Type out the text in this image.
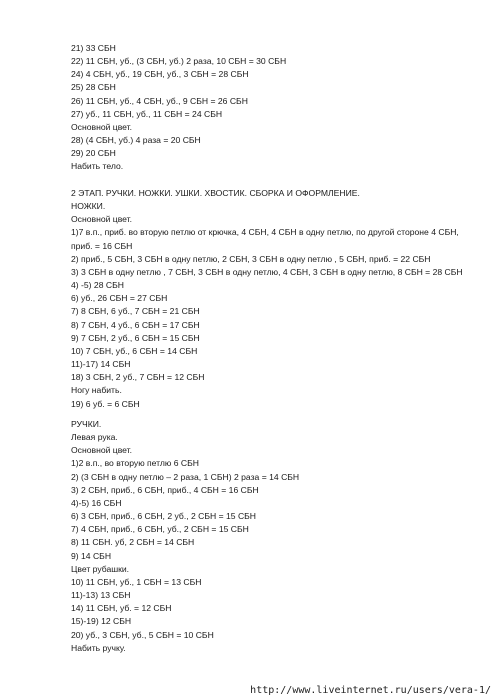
21) 33 СБН
22) 11 СБН, уб., (3 СБН, уб.) 2 раза, 10 СБН = 30 СБН
24) 4 СБН, уб., 19 СБН, уб., 3 СБН = 28 СБН
25) 28 СБН
26) 11 СБН, уб., 4 СБН, уб., 9 СБН = 26 СБН
27) уб., 11 СБН, уб., 11 СБН = 24 СБН
Основной цвет.
28) (4 СБН, уб.) 4 раза = 20 СБН
29) 20 СБН
Набить тело.
2 ЭТАП. РУЧКИ. НОЖКИ. УШКИ. ХВОСТИК. СБОРКА И ОФОРМЛЕНИЕ.
НОЖКИ.
Основной цвет.
1)7 в.п., приб. во вторую петлю от крючка, 4 СБН, 4 СБН в одну петлю, по другой стороне 4 СБН,
приб. = 16 СБН
2) приб., 5 СБН, 3 СБН в одну петлю, 2 СБН, 3 СБН в одну петлю , 5 СБН, приб. = 22 СБН
3) 3 СБН в одну петлю , 7 СБН, 3 СБН в одну петлю, 4 СБН, 3 СБН в одну петлю, 8 СБН = 28 СБН
4) -5) 28 СБН
6) уб., 26 СБН = 27 СБН
7) 8 СБН, 6 уб., 7 СБН = 21 СБН
8) 7 СБН, 4 уб., 6 СБН = 17 СБН
9) 7 СБН, 2 уб., 6 СБН = 15 СБН
10) 7 СБН, уб., 6 СБН = 14 СБН
11)-17) 14 СБН
18) 3 СБН, 2 уб., 7 СБН = 12 СБН
Ногу набить.
19) 6 уб. = 6 СБН
РУЧКИ.
Левая рука.
Основной цвет.
1)2 в.п., во вторую петлю 6 СБН
2) (3 СБН в одну петлю – 2 раза, 1 СБН) 2 раза = 14 СБН
3) 2 СБН, приб., 6 СБН, приб., 4 СБН = 16 СБН
4)-5) 16 СБН
6) 3 СБН, приб., 6 СБН, 2 уб., 2 СБН = 15 СБН
7) 4 СБН, приб., 6 СБН, уб., 2 СБН = 15 СБН
8) 11 СБН. уб, 2 СБН = 14 СБН
9) 14 СБН
Цвет рубашки.
10) 11 СБН, уб., 1 СБН = 13 СБН
11)-13) 13 СБН
14) 11 СБН, уб. = 12 СБН
15)-19) 12 СБН
20) уб., 3 СБН, уб., 5 СБН = 10 СБН
Набить ручку.
http://www.liveinternet.ru/users/vera-1/
